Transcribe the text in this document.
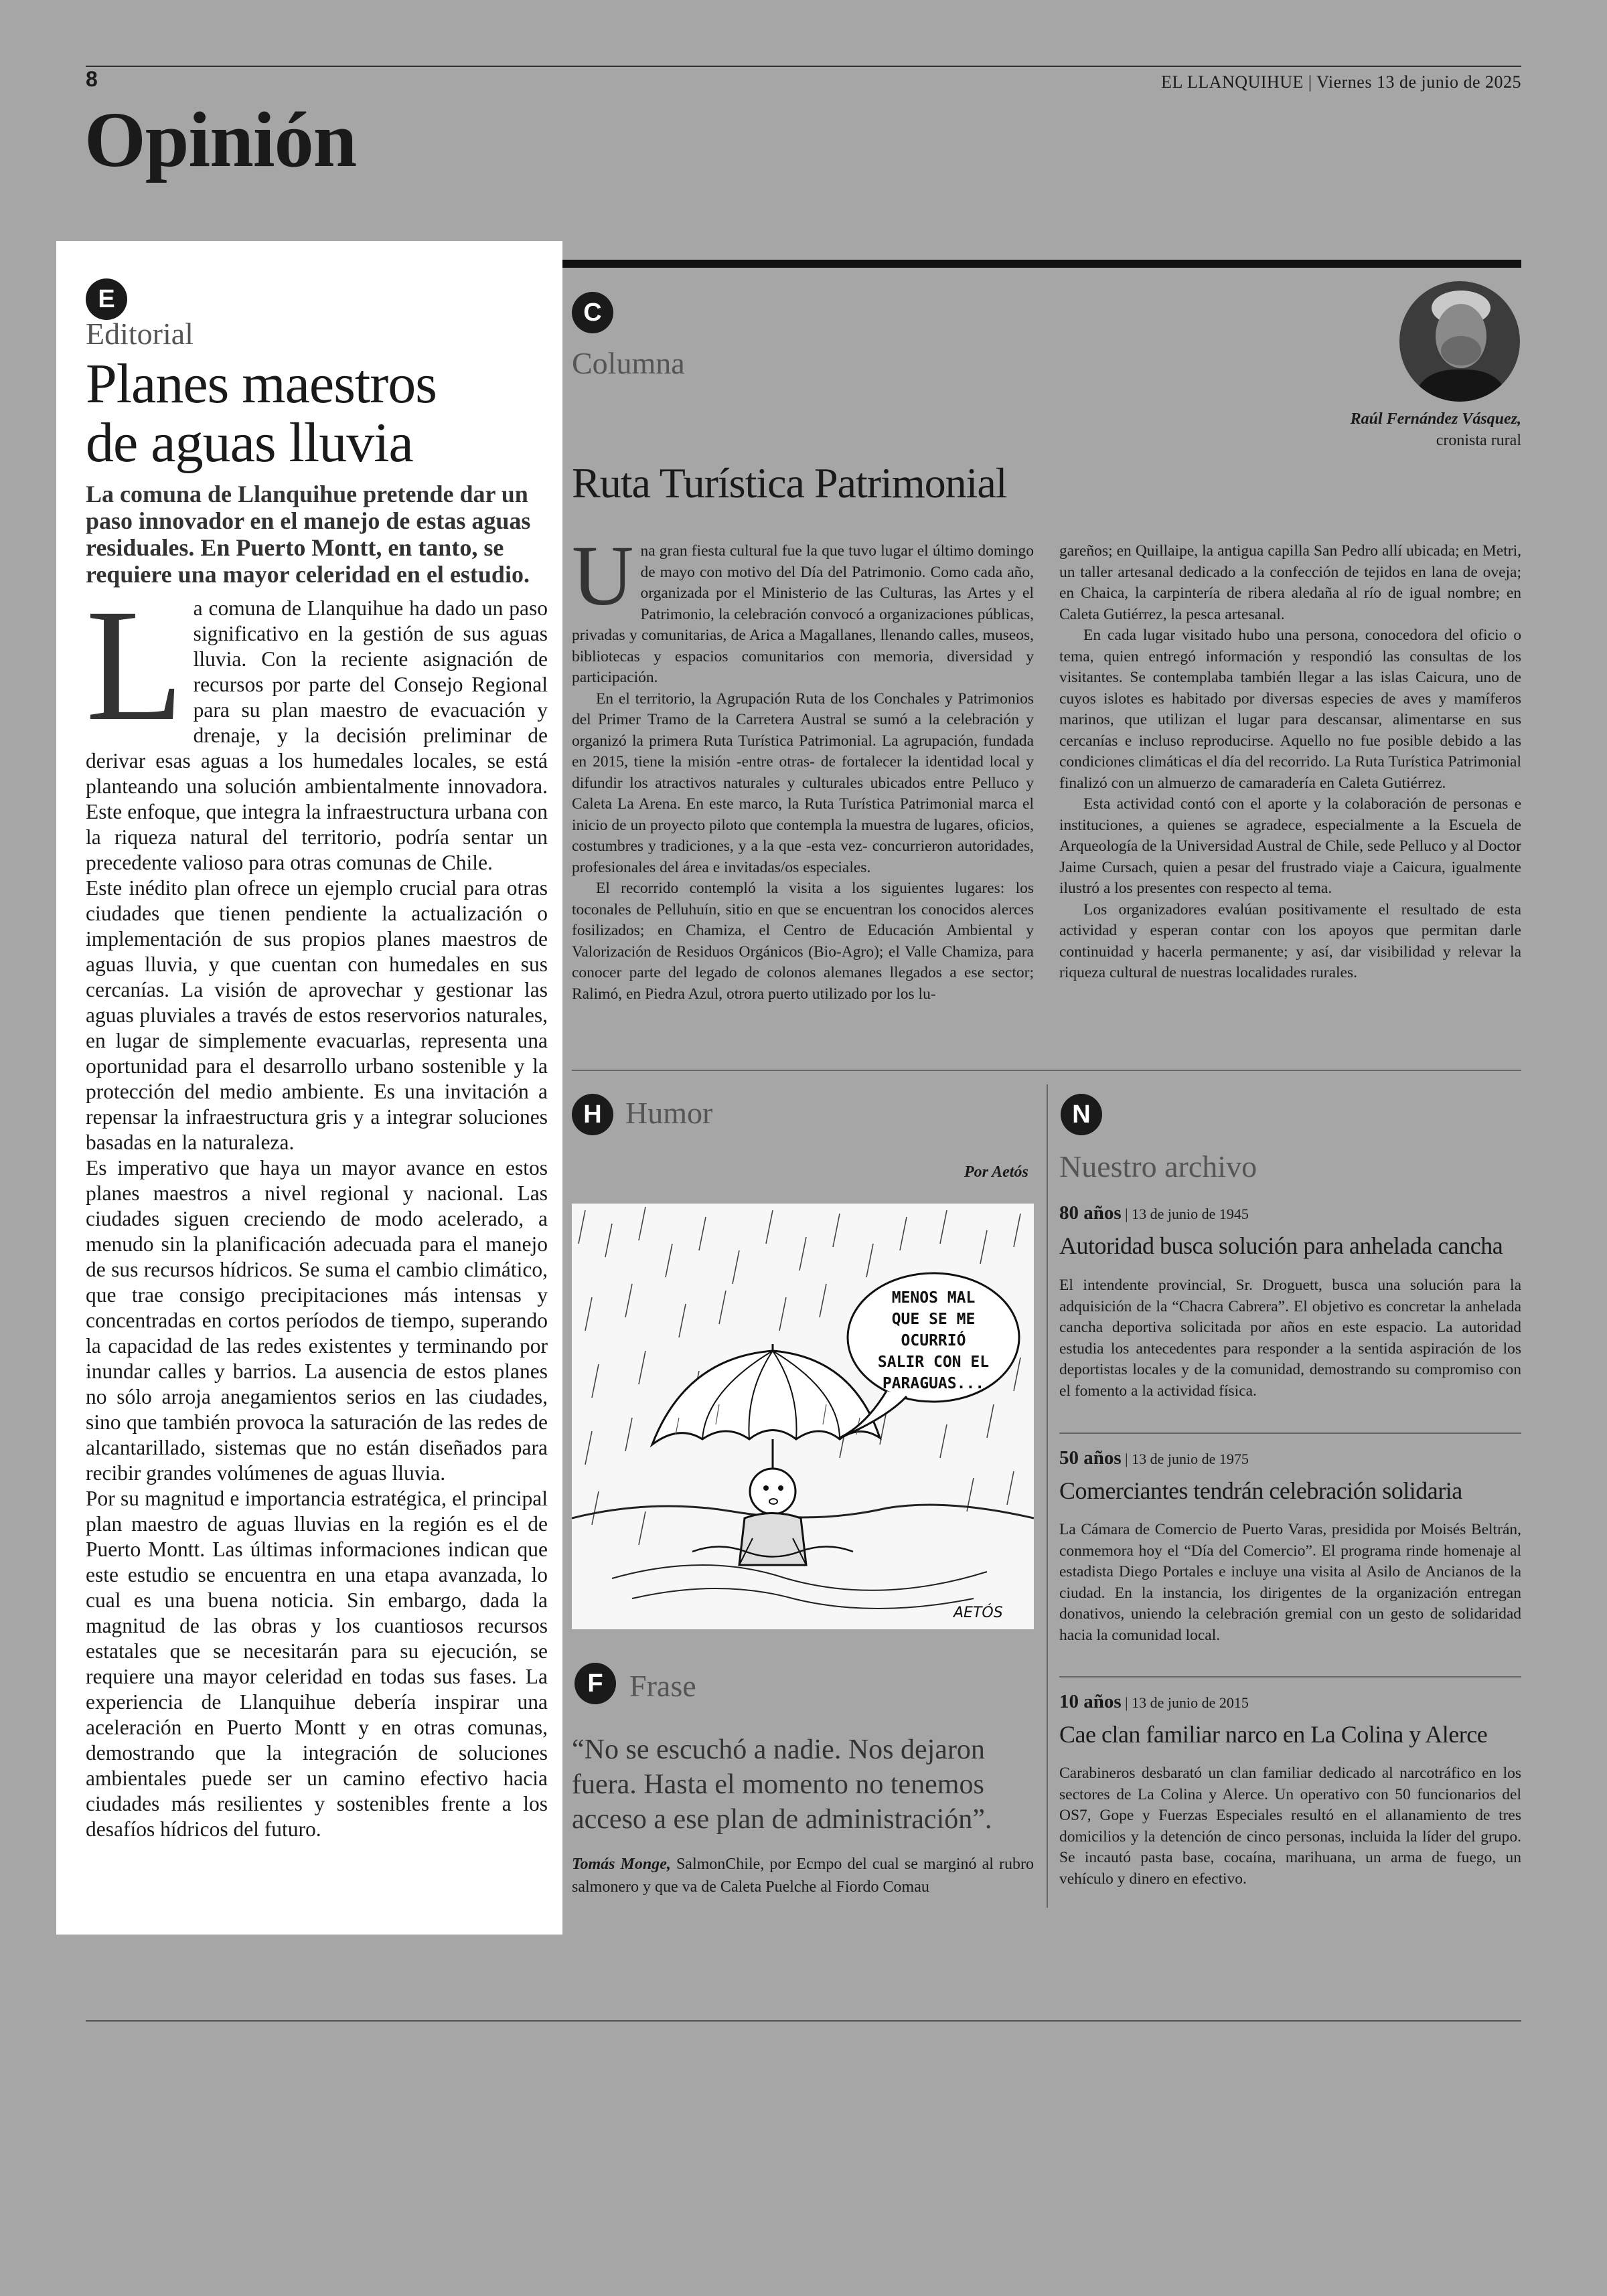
8	EL LLANQUIHUE | Viernes 13 de junio de 2025
Opinión
E
Editorial
Planes maestros
de aguas lluvia
La comuna de Llanquihue pretende dar un paso innovador en el manejo de estas aguas residuales. En Puerto Montt, en tanto, se requiere una mayor celeridad en el estudio.
L a comuna de Llanquihue ha dado un paso significativo en la gestión de sus aguas lluvia. Con la reciente asignación de recursos por parte del Consejo Regional para su plan maestro de evacuación y drenaje, y la decisión preliminar de derivar esas aguas a los humedales locales, se está planteando una solución ambientalmente innovadora. Este enfoque, que integra la infraestructura urbana con la riqueza natural del territorio, podría sentar un precedente valioso para otras comunas de Chile.

Este inédito plan ofrece un ejemplo crucial para otras ciudades que tienen pendiente la actualización o implementación de sus propios planes maestros de aguas lluvia, y que cuentan con humedales en sus cercanías. La visión de aprovechar y gestionar las aguas pluviales a través de estos reservorios naturales, en lugar de simplemente evacuarlas, representa una oportunidad para el desarrollo urbano sostenible y la protección del medio ambiente. Es una invitación a repensar la infraestructura gris y a integrar soluciones basadas en la naturaleza.

Es imperativo que haya un mayor avance en estos planes maestros a nivel regional y nacional. Las ciudades siguen creciendo de modo acelerado, a menudo sin la planificación adecuada para el manejo de sus recursos hídricos. Se suma el cambio climático, que trae consigo precipitaciones más intensas y concentradas en cortos períodos de tiempo, superando la capacidad de las redes existentes y terminando por inundar calles y barrios. La ausencia de estos planes no sólo arroja anegamientos serios en las ciudades, sino que también provoca la saturación de las redes de alcantarillado, sistemas que no están diseñados para recibir grandes volúmenes de aguas lluvia.

Por su magnitud e importancia estratégica, el principal plan maestro de aguas lluvias en la región es el de Puerto Montt. Las últimas informaciones indican que este estudio se encuentra en una etapa avanzada, lo cual es una buena noticia. Sin embargo, dada la magnitud de las obras y los cuantiosos recursos estatales que se necesitarán para su ejecución, se requiere una mayor celeridad en todas sus fases. La experiencia de Llanquihue debería inspirar una aceleración en Puerto Montt y en otras comunas, demostrando que la integración de soluciones ambientales puede ser un camino efectivo hacia ciudades más resilientes y sostenibles frente a los desafíos hídricos del futuro.

C
Columna
Raúl Fernández Vásquez,
cronista rural
Ruta Turística Patrimonial
U na gran fiesta cultural fue la que tuvo lugar el último domingo de mayo con motivo del Día del Patrimonio. Como cada año, organizada por el Ministerio de las Culturas, las Artes y el Patrimonio, la celebración convocó a organizaciones públicas, privadas y comunitarias, de Arica a Magallanes, llenando calles, museos, bibliotecas y espacios comunitarios con memoria, diversidad y participación.

En el territorio, la Agrupación Ruta de los Conchales y Patrimonios del Primer Tramo de la Carretera Austral se sumó a la celebración y organizó la primera Ruta Turística Patrimonial. La agrupación, fundada en 2015, tiene la misión -entre otras- de fortalecer la identidad local y difundir los atractivos naturales y culturales ubicados entre Pelluco y Caleta La Arena. En este marco, la Ruta Turística Patrimonial marca el inicio de un proyecto piloto que contempla la muestra de lugares, oficios, costumbres y tradiciones, y a la que -esta vez- concurrieron autoridades, profesionales del área e invitadas/os especiales.

El recorrido contempló la visita a los siguientes lugares: los toconales de Pelluhuín, sitio en que se encuentran los conocidos alerces fosilizados; en Chamiza, el Centro de Educación Ambiental y Valorización de Residuos Orgánicos (Bio-Agro); el Valle Chamiza, para conocer parte del legado de colonos alemanes llegados a ese sector; Ralimó, en Piedra Azul, otrora puerto utilizado por los lu-

gareños; en Quillaipe, la antigua capilla San Pedro allí ubicada; en Metri, un taller artesanal dedicado a la confección de tejidos en lana de oveja; en Chaica, la carpintería de ribera aledaña al río de igual nombre; en Caleta Gutiérrez, la pesca artesanal.

En cada lugar visitado hubo una persona, conocedora del oficio o tema, quien entregó información y respondió las consultas de los visitantes. Se contemplaba también llegar a las islas Caicura, uno de cuyos islotes es habitado por diversas especies de aves y mamíferos marinos, que utilizan el lugar para descansar, alimentarse en sus cercanías e incluso reproducirse. Aquello no fue posible debido a las condiciones climáticas el día del recorrido. La Ruta Turística Patrimonial finalizó con un almuerzo de camaradería en Caleta Gutiérrez.

Esta actividad contó con el aporte y la colaboración de personas e instituciones, a quienes se agradece, especialmente a la Escuela de Arqueología de la Universidad Austral de Chile, sede Pelluco y al Doctor Jaime Cursach, quien a pesar del frustrado viaje a Caicura, igualmente ilustró a los presentes con respecto al tema.

Los organizadores evalúan positivamente el resultado de esta actividad y esperan contar con los apoyos que permitan darle continuidad y hacerla permanente; y así, dar visibilidad y relevar la riqueza cultural de nuestras localidades rurales.

H Humor
Por Aetós
MENOS MAL
QUE SE ME
OCURRIÓ
SALIR CON EL
PARAGUAS...
AETÓS
F Frase
“No se escuchó a nadie. Nos dejaron fuera. Hasta el momento no tenemos acceso a ese plan de administración”.
Tomás Monge, SalmonChile, por Ecmpo del cual se marginó al rubro salmonero y que va de Caleta Puelche al Fiordo Comau
N
Nuestro archivo
80 años | 13 de junio de 1945
Autoridad busca solución para anhelada cancha
El intendente provincial, Sr. Droguett, busca una solución para la adquisición de la “Chacra Cabrera”. El objetivo es concretar la anhelada cancha deportiva solicitada por años en este espacio. La autoridad estudia los antecedentes para responder a la sentida aspiración de los deportistas locales y de la comunidad, demostrando su compromiso con el fomento a la actividad física.
50 años | 13 de junio de 1975
Comerciantes tendrán celebración solidaria
La Cámara de Comercio de Puerto Varas, presidida por Moisés Beltrán, conmemora hoy el “Día del Comercio”. El programa rinde homenaje al estadista Diego Portales e incluye una visita al Asilo de Ancianos de la ciudad. En la instancia, los dirigentes de la organización entregan donativos, uniendo la celebración gremial con un gesto de solidaridad hacia la comunidad local.
10 años | 13 de junio de 2015
Cae clan familiar narco en La Colina y Alerce
Carabineros desbarató un clan familiar dedicado al narcotráfico en los sectores de La Colina y Alerce. Un operativo con 50 funcionarios del OS7, Gope y Fuerzas Especiales resultó en el allanamiento de tres domicilios y la detención de cinco personas, incluida la líder del grupo. Se incautó pasta base, cocaína, marihuana, un arma de fuego, un vehículo y dinero en efectivo.
